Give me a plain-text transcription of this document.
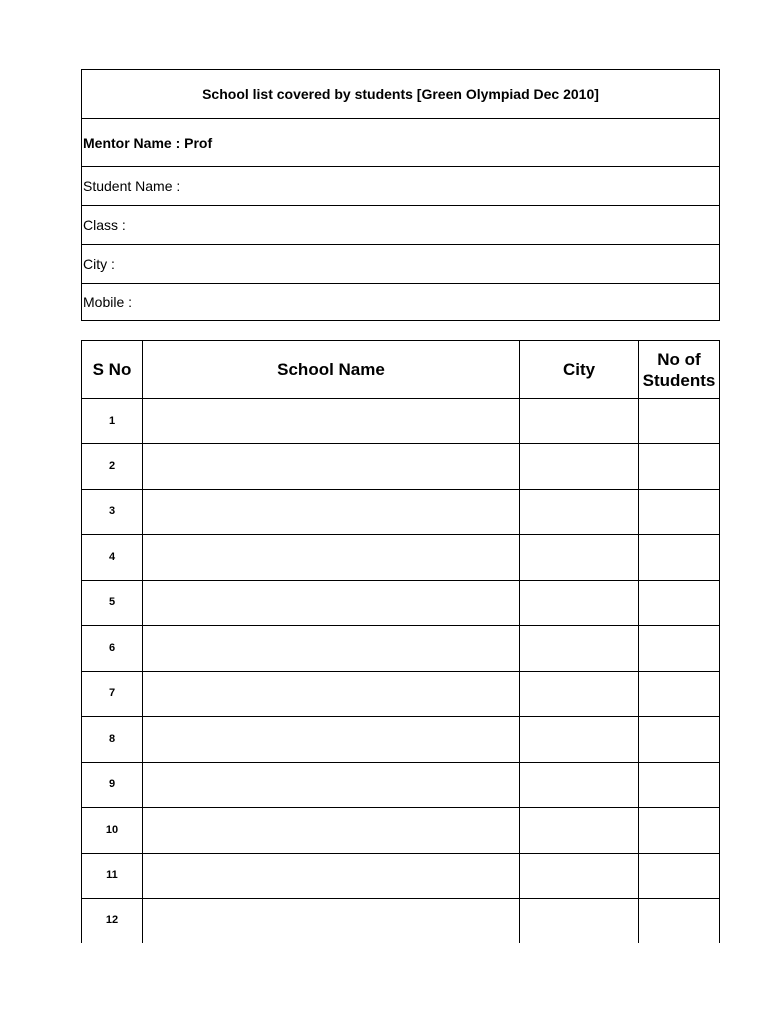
School list covered by students [Green Olympiad Dec 2010]
Mentor Name : Prof
Student Name :
Class :
City :
Mobile :
S No	School Name	City
No of
Students
1
2
3
4
5
6
7
8
9
10
11
12
